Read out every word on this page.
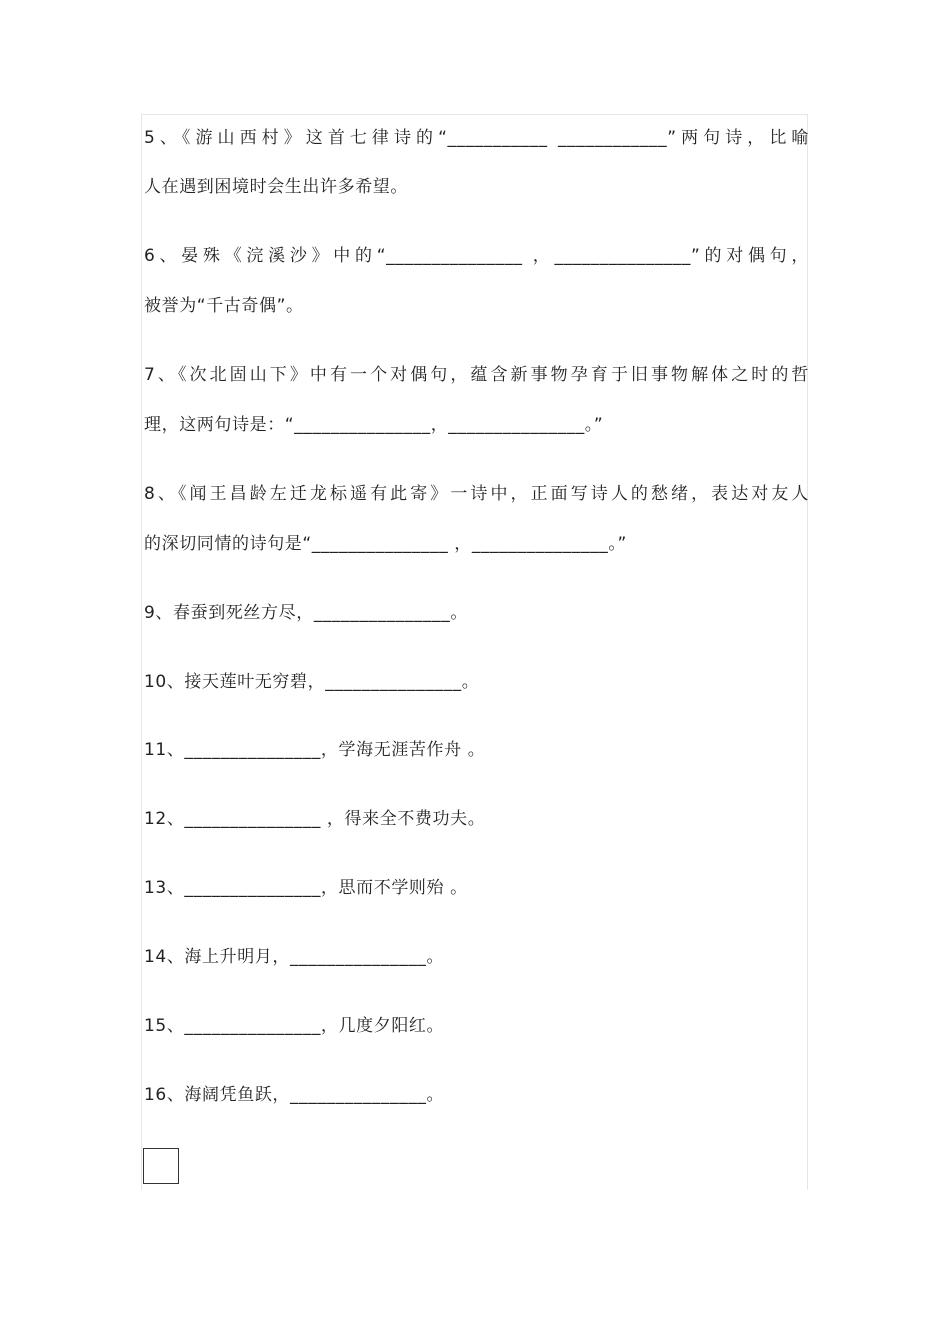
5、《游山西村》这首七律诗的“___________ ____________”两句诗，比喻
人在遇到困境时会生出许多希望。
6、晏殊《浣溪沙》中的“_______________ ，_______________”的对偶句，
被誉为“千古奇偶”。
7、《次北固山下》中有一个对偶句，蕴含新事物孕育于旧事物解体之时的哲
理，这两句诗是：“_______________，_______________。”
8、《闻王昌龄左迁龙标遥有此寄》一诗中，正面写诗人的愁绪，表达对友人
的深切同情的诗句是“_______________ ，_______________。”
9、春蚕到死丝方尽，_______________。
10、接天莲叶无穷碧，_______________。
11、_______________，学海无涯苦作舟 。
12、_______________ ，得来全不费功夫。
13、_______________，思而不学则殆 。
14、海上升明月，_______________。
15、_______________，几度夕阳红。
16、海阔凭鱼跃，_______________。
